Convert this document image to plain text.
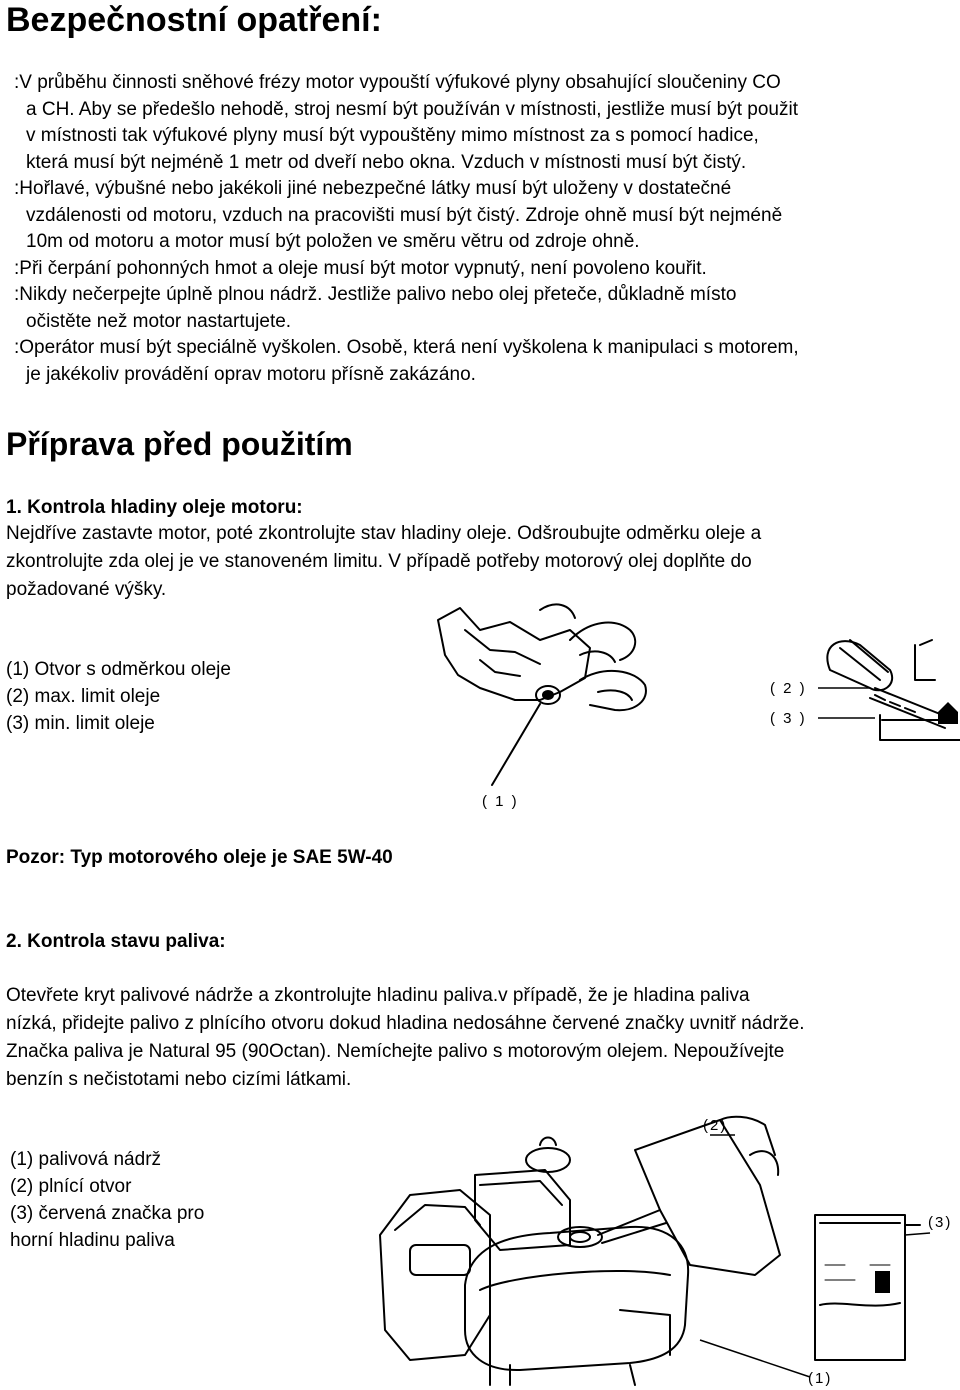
Bezpečnostní opatření:
:V průběhu činnosti sněhové frézy motor vypouští výfukové plyny obsahující sloučeniny CO
a CH. Aby se předešlo nehodě, stroj nesmí být používán v místnosti, jestliže musí být použit
v místnosti tak výfukové plyny musí být vypouštěny mimo místnost za s pomocí hadice,
která musí být nejméně 1 metr od dveří nebo okna. Vzduch v místnosti musí být čistý.
:Hořlavé, výbušné nebo jakékoli jiné nebezpečné látky musí být uloženy v dostatečné
vzdálenosti od motoru, vzduch na pracovišti musí být čistý. Zdroje ohně musí být nejméně
10m od motoru a motor musí být položen ve směru větru od zdroje ohně.
:Při čerpání pohonných hmot a oleje musí být motor vypnutý, není povoleno kouřit.
:Nikdy nečerpejte úplně plnou nádrž. Jestliže palivo nebo olej přeteče, důkladně místo
očistěte než motor nastartujete.
:Operátor musí být speciálně vyškolen. Osobě, která není vyškolena k manipulaci s motorem,
je jakékoliv provádění oprav motoru přísně zakázáno.
Příprava před použitím
1. Kontrola hladiny oleje motoru:
Nejdříve zastavte motor, poté zkontrolujte stav hladiny oleje. Odšroubujte odměrku oleje a
zkontrolujte zda olej je ve stanoveném limitu. V případě potřeby motorový olej doplňte do
požadované výšky.
(1) Otvor s odměrkou oleje
(2) max. limit oleje
(3) min. limit oleje
( 2 )
( 3 )
( 1 )
Pozor: Typ motorového oleje je SAE 5W-40
2. Kontrola stavu paliva:
Otevřete kryt palivové nádrže a zkontrolujte hladinu paliva.v případě, že je hladina paliva
nízká, přidejte palivo z plnícího otvoru dokud hladina nedosáhne červené značky uvnitř nádrže.
Značka paliva je Natural 95 (90Octan). Nemíchejte palivo s motorovým olejem. Nepoužívejte
benzín s nečistotami nebo cizími látkami.
(1) palivová nádrž
(2) plnící otvor
(3) červená značka pro
horní hladinu paliva
(2)
(3)
(1)
